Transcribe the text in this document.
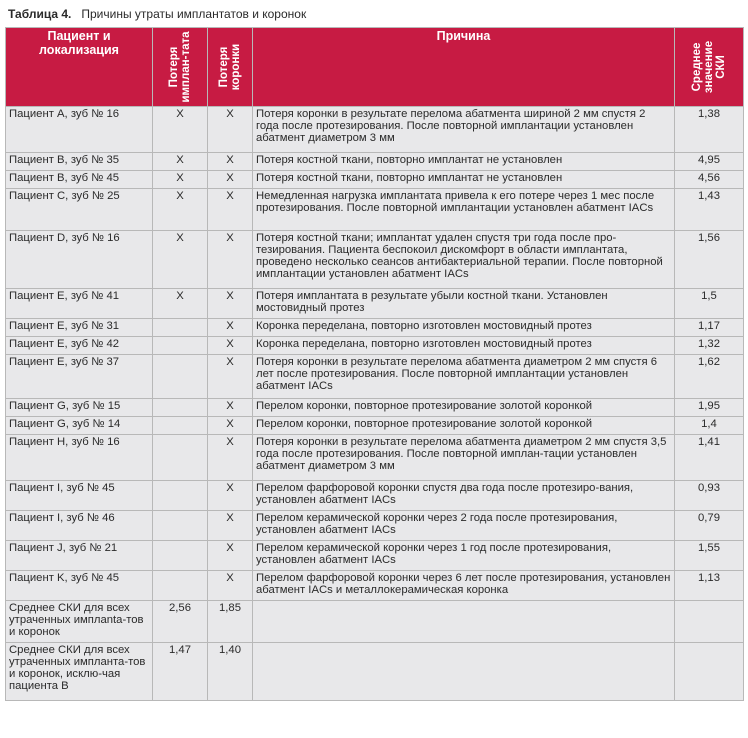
Таблица 4. Причины утраты имплантатов и коронок
Пациент и локализация	Потеря имплан-тата	Потеря коронки	Причина	Среднее значение СКИ

Пациент А, зуб № 16	X	X	Потеря коронки в результате перелома абатмента шириной 2 мм спустя 2 года после протезирования. После повторной имплантации установлен абатмент диаметром 3 мм	1,38
Пациент B, зуб № 35	X	X	Потеря костной ткани, повторно имплантат не установлен	4,95
Пациент B, зуб № 45	X	X	Потеря костной ткани, повторно имплантат не установлен	4,56
Пациент C, зуб № 25	X	X	Немедленная нагрузка имплантата привела к его потере через 1 мес после протезирования. После повторной имплантации установлен абатмент IACs	1,43
Пациент D, зуб № 16	X	X	Потеря костной ткани; имплантат удален спустя три года после про-тезирования. Пациента беспокоил дискомфорт в области имплантата, проведено несколько сеансов антибактериальной терапии. После повторной имплантации установлен абатмент IACs	1,56
Пациент E, зуб № 41	X	X	Потеря имплантата в результате убыли костной ткани. Установлен мостовидный протез	1,5
Пациент E, зуб № 31		X	Коронка переделана, повторно изготовлен мостовидный протез	1,17
Пациент E, зуб № 42		X	Коронка переделана, повторно изготовлен мостовидный протез	1,32
Пациент E, зуб № 37		X	Потеря коронки в результате перелома абатмента диаметром 2 мм спустя 6 лет после протезирования. После повторной имплантации установлен абатмент IACs	1,62
Пациент G, зуб № 15		X	Перелом коронки, повторное протезирование золотой коронкой	1,95
Пациент G, зуб № 14		X	Перелом коронки, повторное протезирование золотой коронкой	1,4
Пациент H, зуб № 16		X	Потеря коронки в результате перелома абатмента диаметром 2 мм спустя 3,5 года после протезирования. После повторной имплан-тации установлен абатмент диаметром 3 мм	1,41
Пациент I, зуб № 45		X	Перелом фарфоровой коронки спустя два года после протезиро-вания, установлен абатмент IACs	0,93
Пациент I, зуб № 46		X	Перелом керамической коронки через 2 года после протезирования, установлен абатмент IACs	0,79
Пациент J, зуб № 21		X	Перелом керамической коронки через 1 год после протезирования, установлен абатмент IACs	1,55
Пациент K, зуб № 45		X	Перелом фарфоровой коронки через 6 лет после протезирования, установлен абатмент IACs и металлокерамическая коронка	1,13
Среднее СКИ для всех утраченных имплanta-тов и коронок	2,56	1,85		
Среднее СКИ для всех утраченных импланта-тов и коронок, исклю-чая пациента B	1,47	1,40		
